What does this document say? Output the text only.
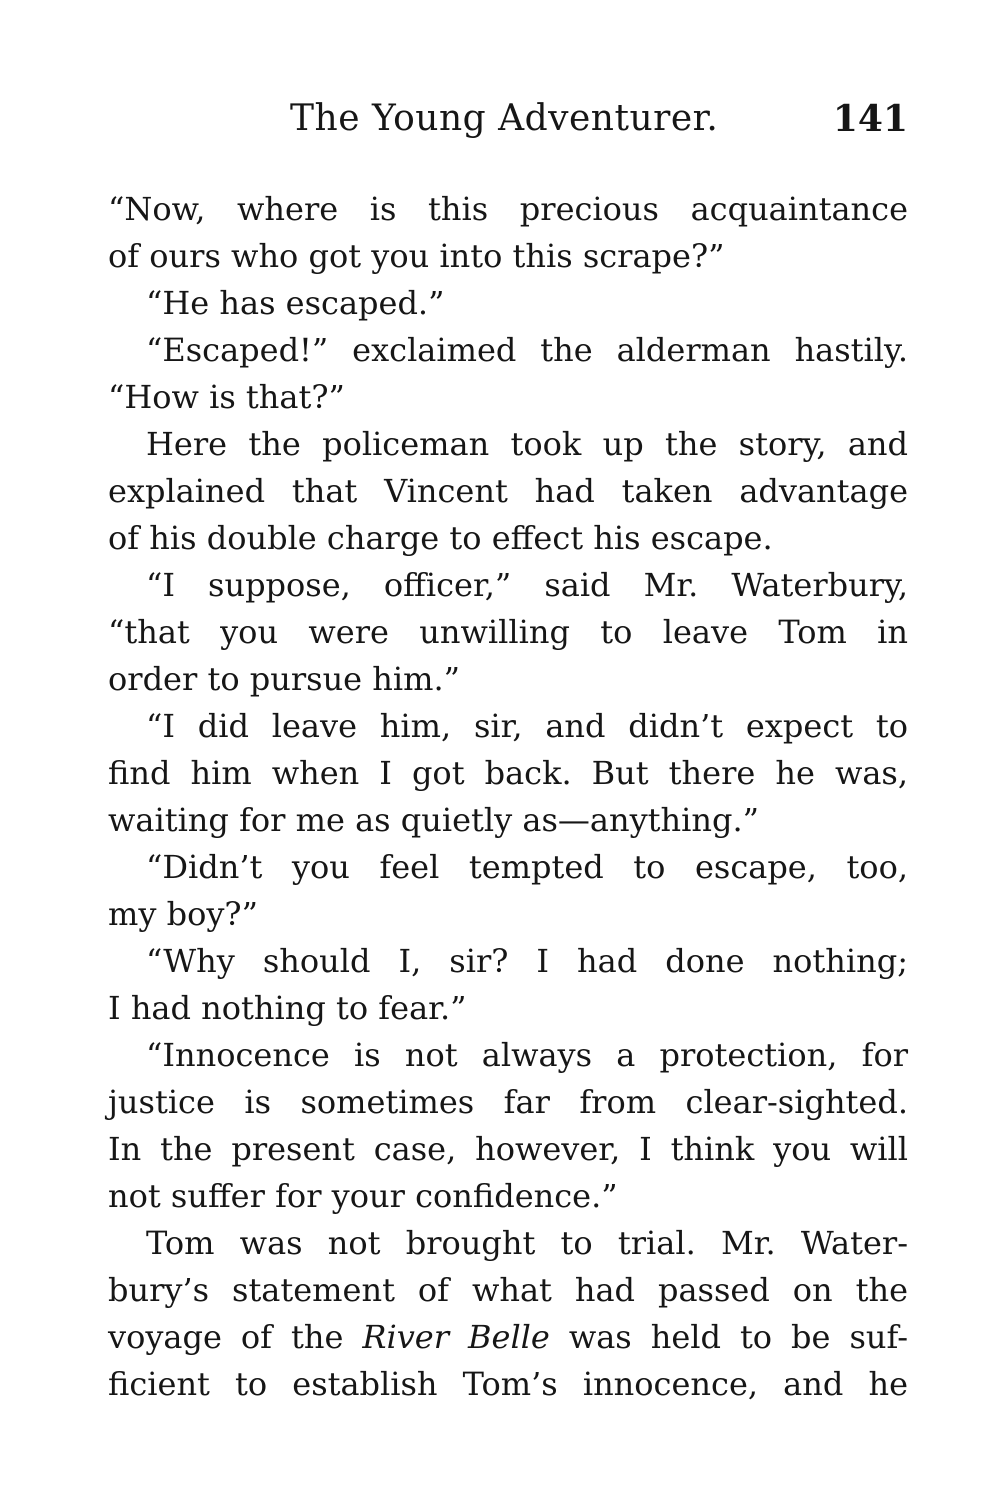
The Young Adventurer.	141
“Now, where is this precious acquaintance
of ours who got you into this scrape?”
“He has escaped.”
“Escaped!” exclaimed the alderman hastily.
“How is that?”
Here the policeman took up the story, and
explained that Vincent had taken advantage
of his double charge to effect his escape.
“I suppose, officer,” said Mr. Waterbury,
“that you were unwilling to leave Tom in
order to pursue him.”
“I did leave him, sir, and didn’t expect to
find him when I got back. But there he was,
waiting for me as quietly as—anything.”
“Didn’t you feel tempted to escape, too,
my boy?”
“Why should I, sir? I had done nothing;
I had nothing to fear.”
“Innocence is not always a protection, for
justice is sometimes far from clear-sighted.
In the present case, however, I think you will
not suffer for your confidence.”
Tom was not brought to trial. Mr. Water-
bury’s statement of what had passed on the
voyage of the River Belle was held to be suf-
ficient to establish Tom’s innocence, and he
